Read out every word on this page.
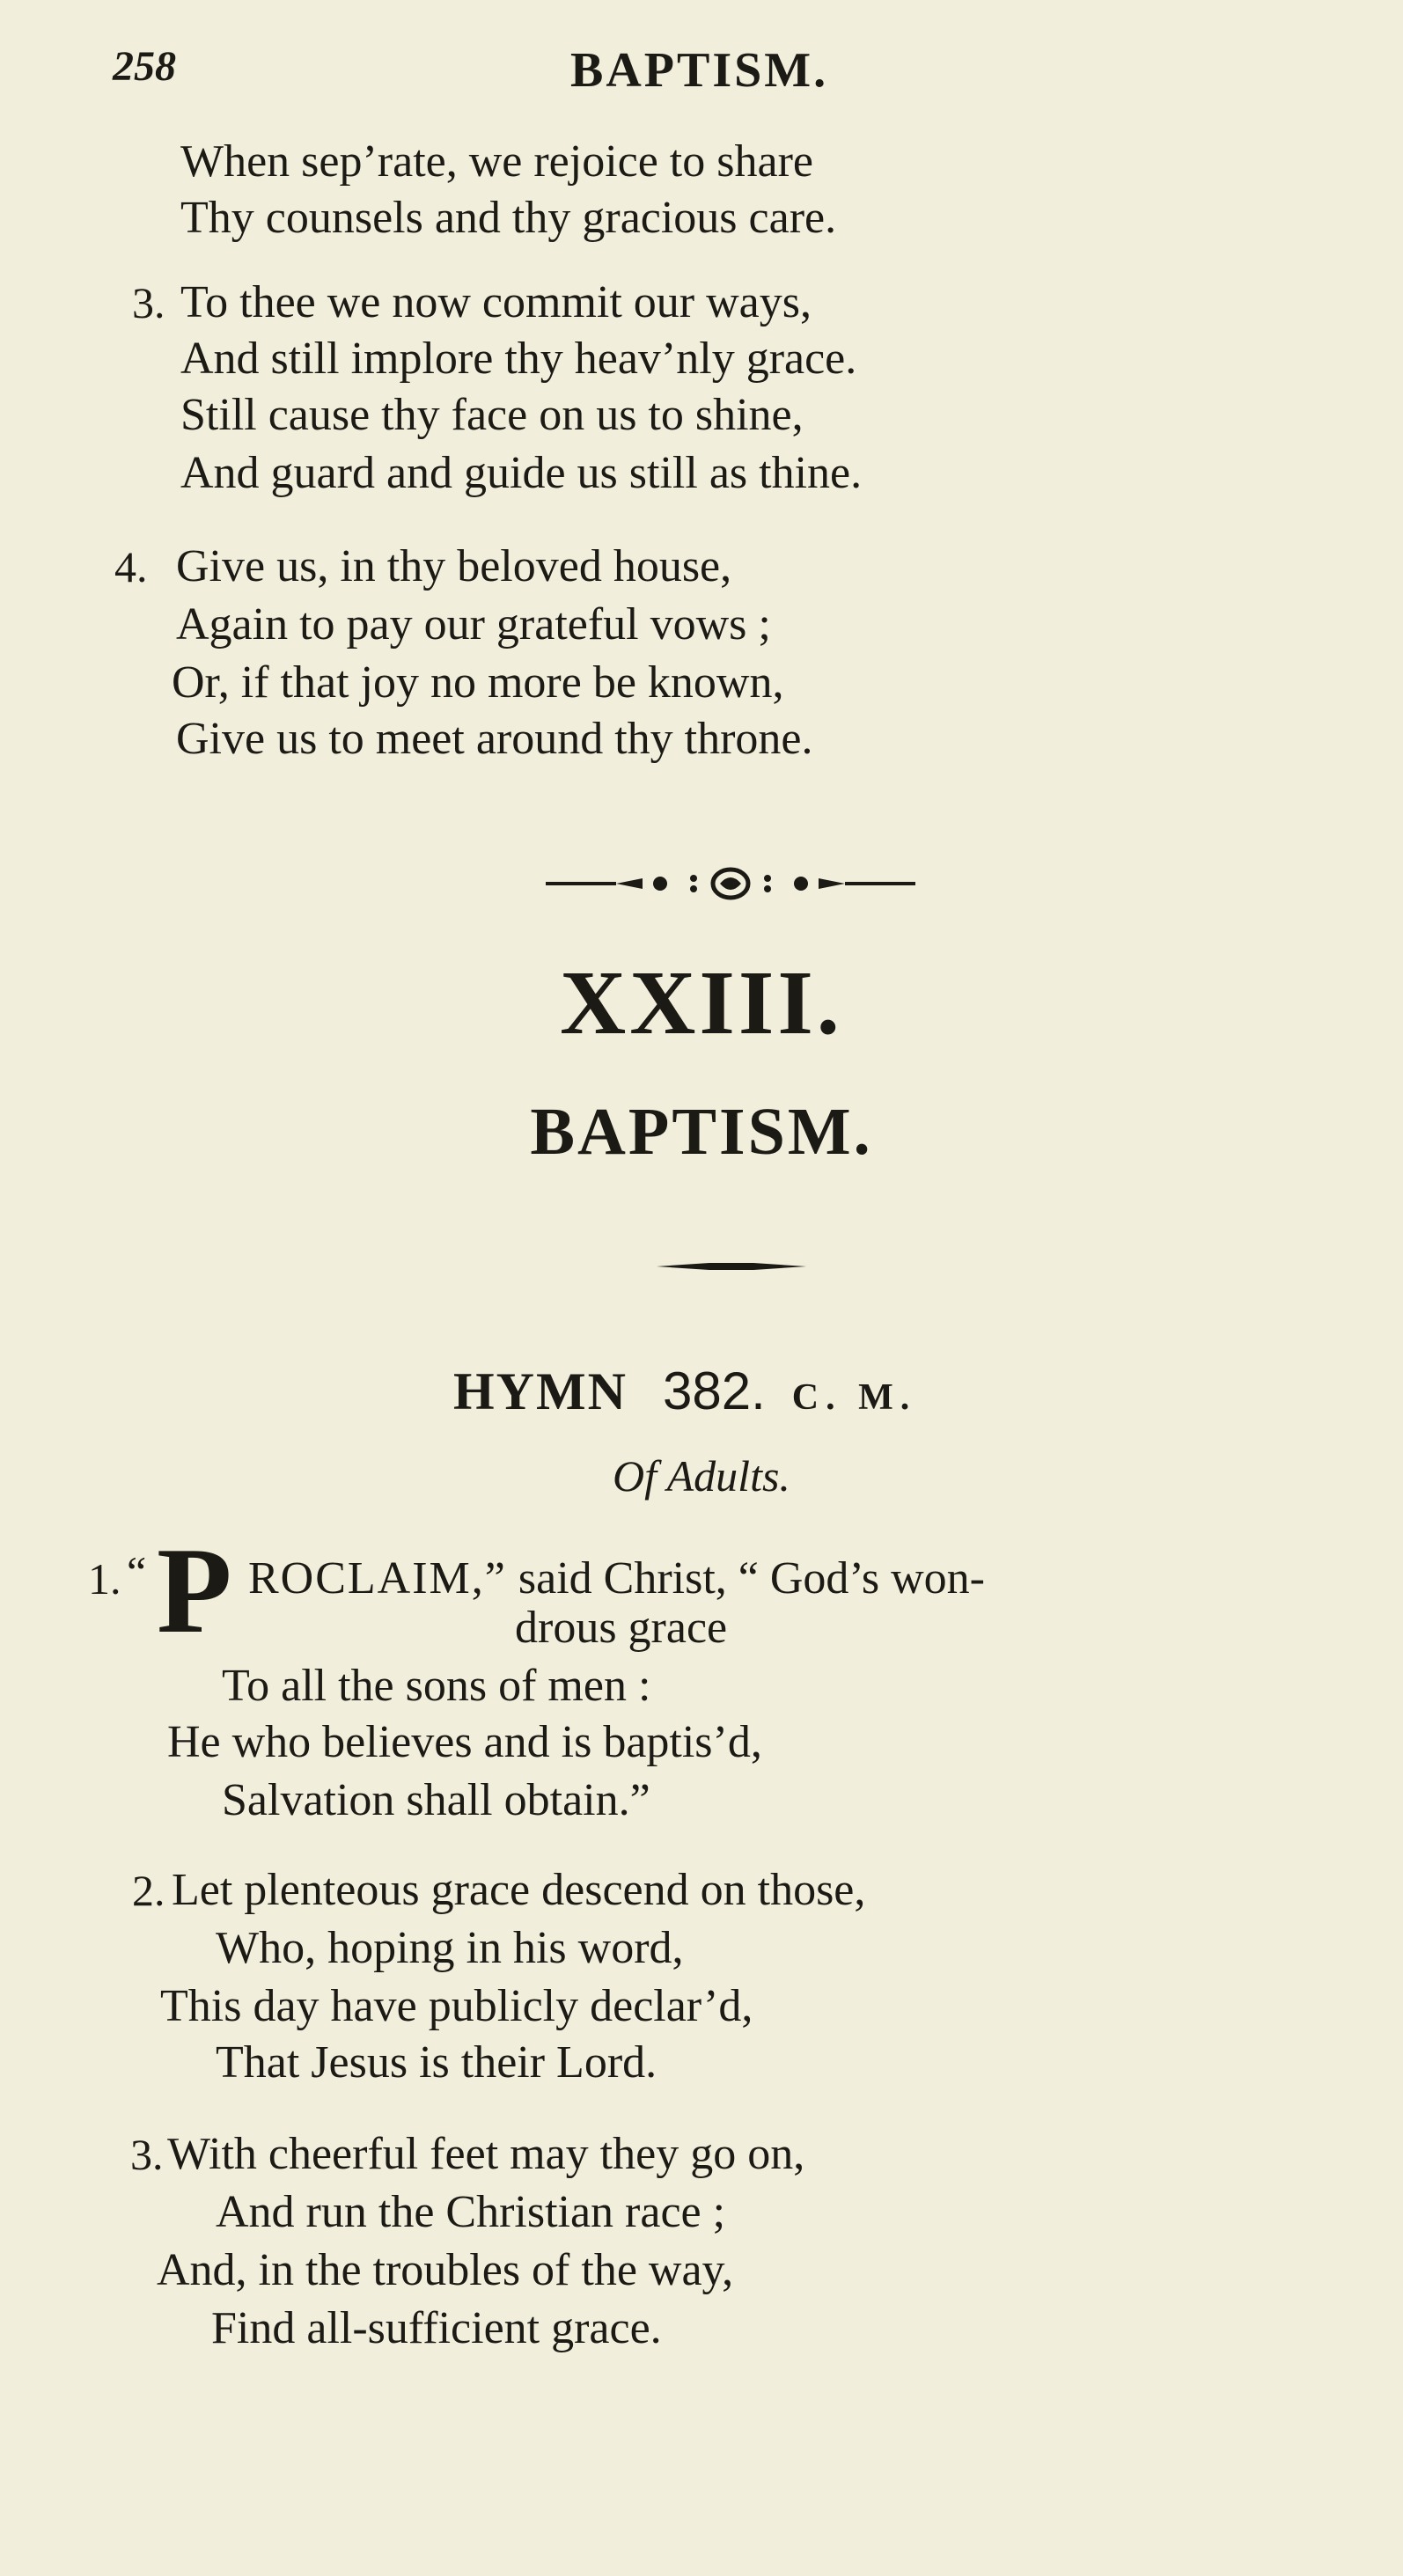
258	BAPTISM.
When sep’rate, we rejoice to share
Thy counsels and thy gracious care.
3. To thee we now commit our ways,
And still implore thy heav’nly grace.
Still cause thy face on us to shine,
And guard and guide us still as thine.
4. Give us, in thy beloved house,
Again to pay our grateful vows ;
Or, if that joy no more be known,
Give us to meet around thy throne.
XXIII.
BAPTISM.
HYMN 382. C. M.
Of Adults.
1. “ P ROCLAIM,” said Christ, “ God’s won-
drous grace
To all the sons of men :
He who believes and is baptis’d,
Salvation shall obtain.”
2. Let plenteous grace descend on those,
Who, hoping in his word,
This day have publicly declar’d,
That Jesus is their Lord.
3. With cheerful feet may they go on,
And run the Christian race ;
And, in the troubles of the way,
Find all-sufficient grace.
